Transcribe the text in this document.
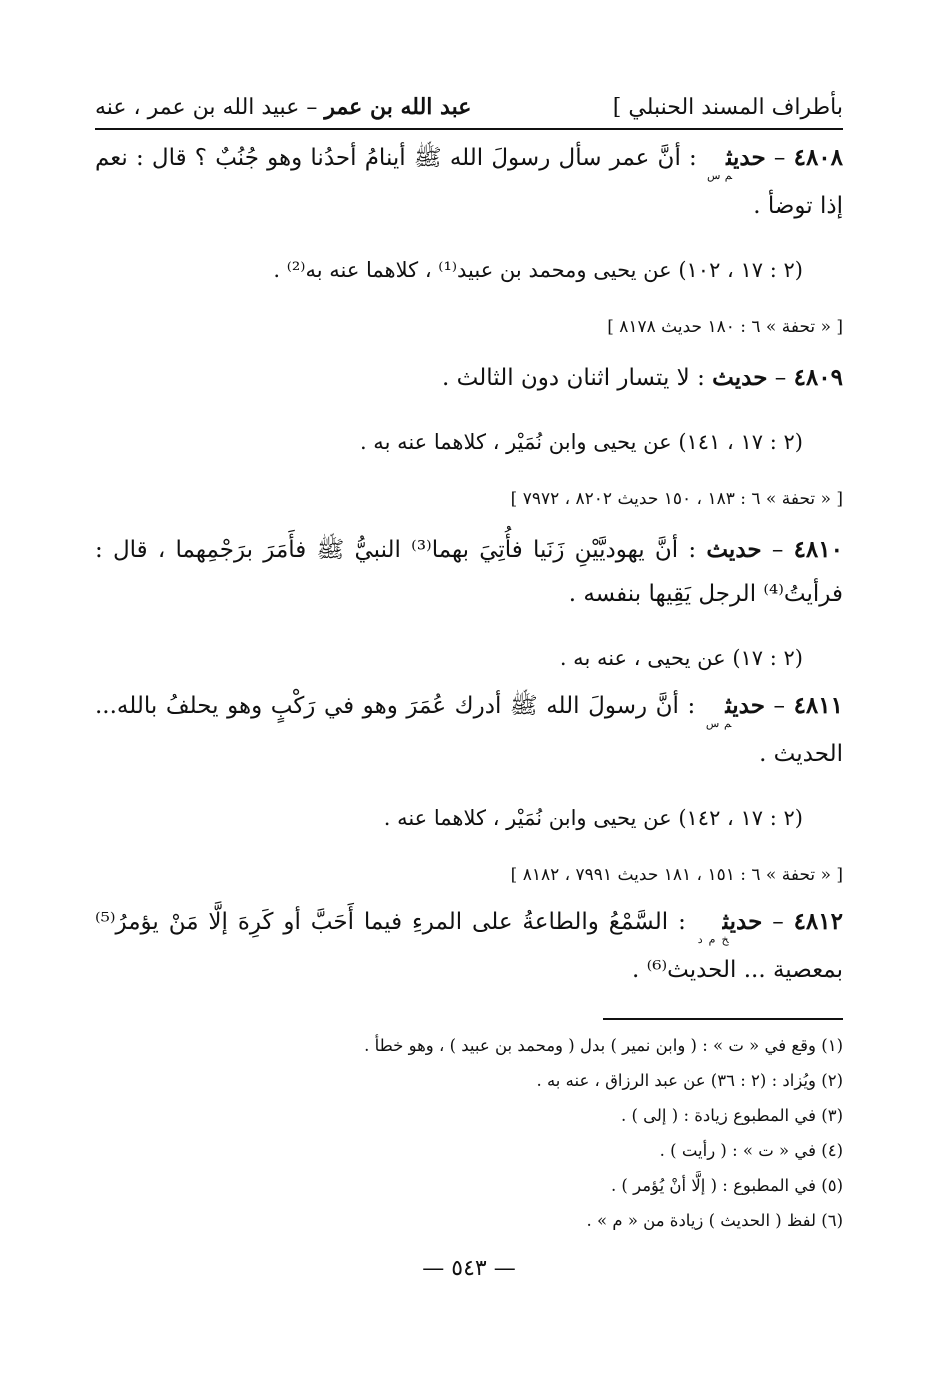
بأطراف المسند الحنبلي ]
عبد الله بن عمر – عبيد الله بن عمر ، عنه
٤٨٠٨ – حديث$_{م س}$ : أنَّ عمر سأل رسولَ الله ﷺ أينامُ أحدُنا وهو جُنُبٌ ؟ قال : نعم إذا توضأ .
(٢ : ١٧ ، ١٠٢) عن يحيى ومحمد بن عبيد⁽¹⁾ ، كلاهما عنه به⁽²⁾ .
[ « تحفة » ٦ : ١٨٠ حديث ٨١٧٨ ]
٤٨٠٩ – حديث : لا يتسار اثنان دون الثالث .
(٢ : ١٧ ، ١٤١) عن يحيى وابن نُمَيْر ، كلاهما عنه به .
[ « تحفة » ٦ : ١٨٣ ، ١٥٠ حديث ٨٢٠٢ ، ٧٩٧٢ ]
٤٨١٠ – حديث : أنَّ يهوديَّيْنِ زَنَيا فأُتِيَ بهما⁽³⁾ النبيُّ ﷺ فأَمَرَ برَجْمِهما ، قال : فرأيتُ⁽⁴⁾ الرجل يَقِيها بنفسه .
(٢ : ١٧) عن يحيى ، عنه به .
٤٨١١ – حديث$_{م س}$ : أنَّ رسولَ الله ﷺ أدرك عُمَرَ وهو في رَكْبٍ وهو يحلفُ بالله... الحديث .
(٢ : ١٧ ، ١٤٢) عن يحيى وابن نُمَيْر ، كلاهما عنه .
[ « تحفة » ٦ : ١٥١ ، ١٨١ حديث ٧٩٩١ ، ٨١٨٢ ]
٤٨١٢ – حديث$_{خ م د}$ : السَّمْعُ والطاعةُ على المرءِ فيما أَحَبَّ أو كَرِهَ إلَّا مَنْ يؤمرُ⁽⁵⁾ بمعصية ... الحديث⁽⁶⁾ .
(١) وقع في « ت » : ( وابن نمير ) بدل ( ومحمد بن عبيد ) ، وهو خطأ .
(٢) ويُزاد : (٢ : ٣٦) عن عبد الرزاق ، عنه به .
(٣) في المطبوع زيادة : ( إلى ) .
(٤) في « ت » : ( رأيت ) .
(٥) في المطبوع : ( إلَّا أنْ يُؤمر ) .
(٦) لفظ ( الحديث ) زيادة من « م » .
— ٥٤٣ —
